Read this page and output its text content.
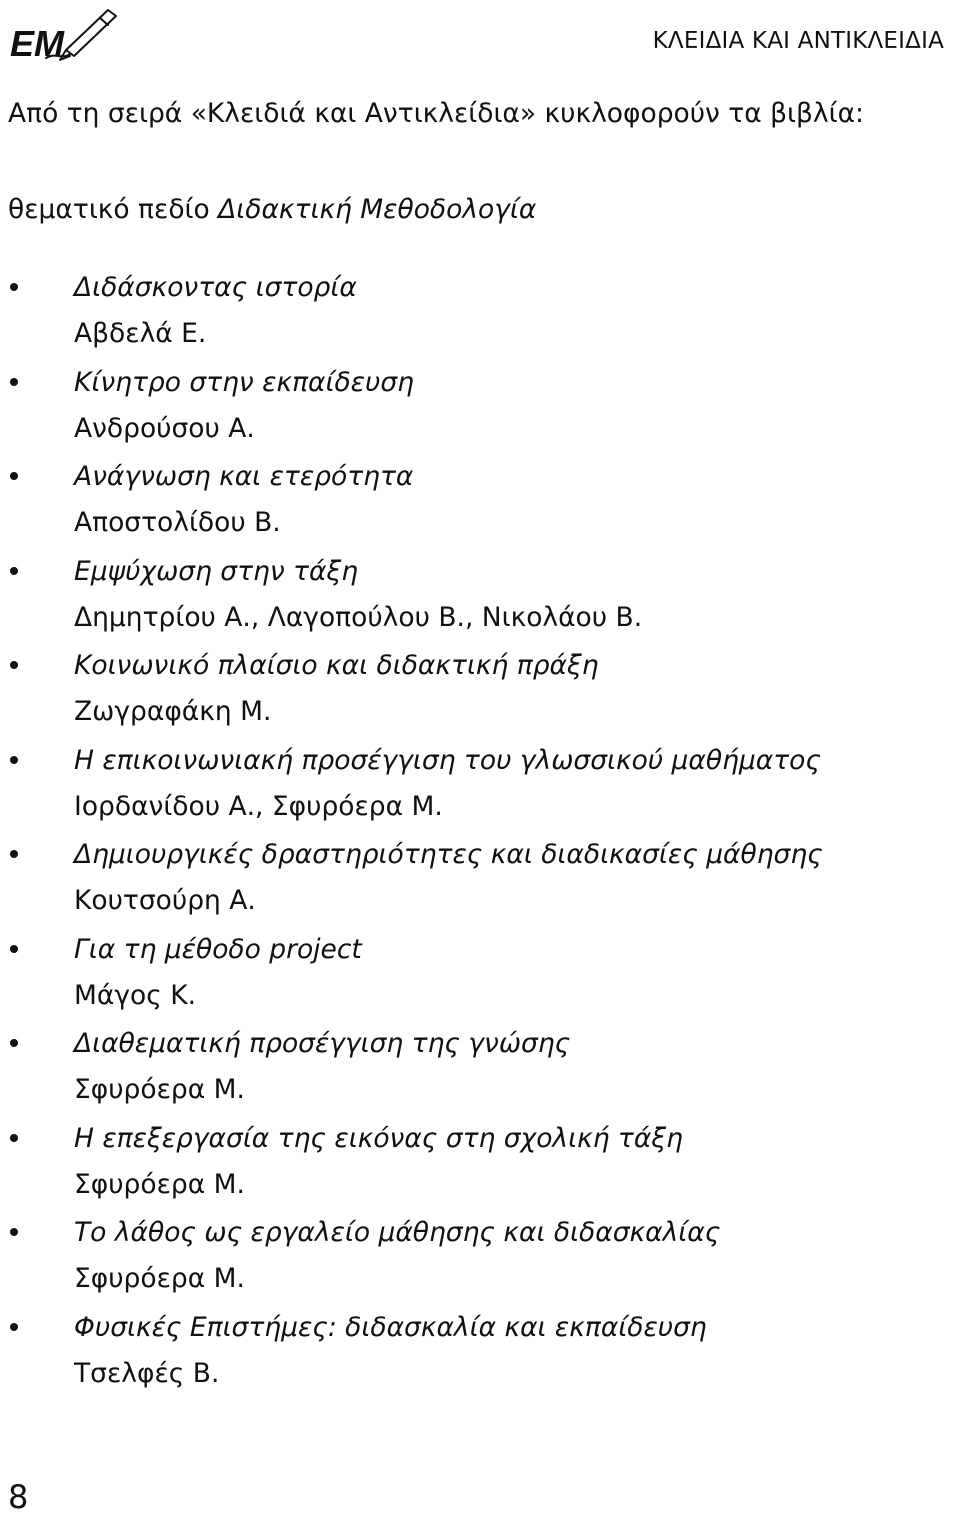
EM	ΚΛΕΙΔΙΑ ΚΑΙ ΑΝΤΙΚΛΕΙΔΙΑ
Από τη σειρά «Κλειδιά και Αντικλείδια» κυκλοφορούν τα βιβλία:
θεματικό πεδίο Διδακτική Μεθοδολογία
Διδάσκοντας ιστορία
Αβδελά Ε.
Κίνητρο στην εκπαίδευση
Ανδρούσου Α.
Ανάγνωση και ετερότητα
Αποστολίδου Β.
Εμψύχωση στην τάξη
Δημητρίου Α., Λαγοπούλου Β., Νικολάου Β.
Κοινωνικό πλαίσιο και διδακτική πράξη
Ζωγραφάκη Μ.
Η επικοινωνιακή προσέγγιση του γλωσσικού μαθήματος
Ιορδανίδου Α., Σφυρόερα Μ.
Δημιουργικές δραστηριότητες και διαδικασίες μάθησης
Κουτσούρη Α.
Για τη μέθοδο project
Μάγος Κ.
Διαθεματική προσέγγιση της γνώσης
Σφυρόερα Μ.
Η επεξεργασία της εικόνας στη σχολική τάξη
Σφυρόερα Μ.
Το λάθος ως εργαλείο μάθησης και διδασκαλίας
Σφυρόερα Μ.
Φυσικές Επιστήμες: διδασκαλία και εκπαίδευση
Τσελφές Β.
8
